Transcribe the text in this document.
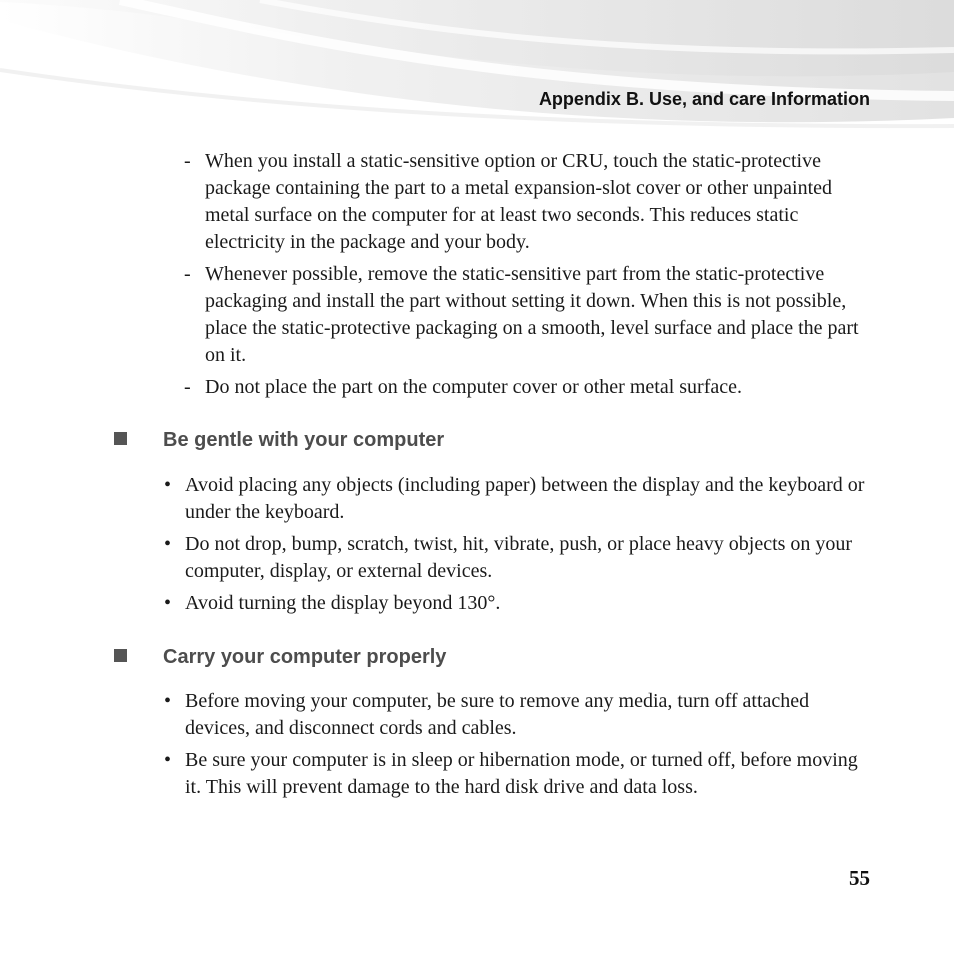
Appendix B. Use, and care Information
- When you install a static-sensitive option or CRU, touch the static-protective package containing the part to a metal expansion-slot cover or other unpainted metal surface on the computer for at least two seconds. This reduces static electricity in the package and your body.
- Whenever possible, remove the static-sensitive part from the static-protective packaging and install the part without setting it down. When this is not possible, place the static-protective packaging on a smooth, level surface and place the part on it.
- Do not place the part on the computer cover or other metal surface.
Be gentle with your computer
• Avoid placing any objects (including paper) between the display and the keyboard or under the keyboard.
• Do not drop, bump, scratch, twist, hit, vibrate, push, or place heavy objects on your computer, display, or external devices.
• Avoid turning the display beyond 130°.
Carry your computer properly
• Before moving your computer, be sure to remove any media, turn off attached devices, and disconnect cords and cables.
• Be sure your computer is in sleep or hibernation mode, or turned off, before moving it. This will prevent damage to the hard disk drive and data loss.
55
